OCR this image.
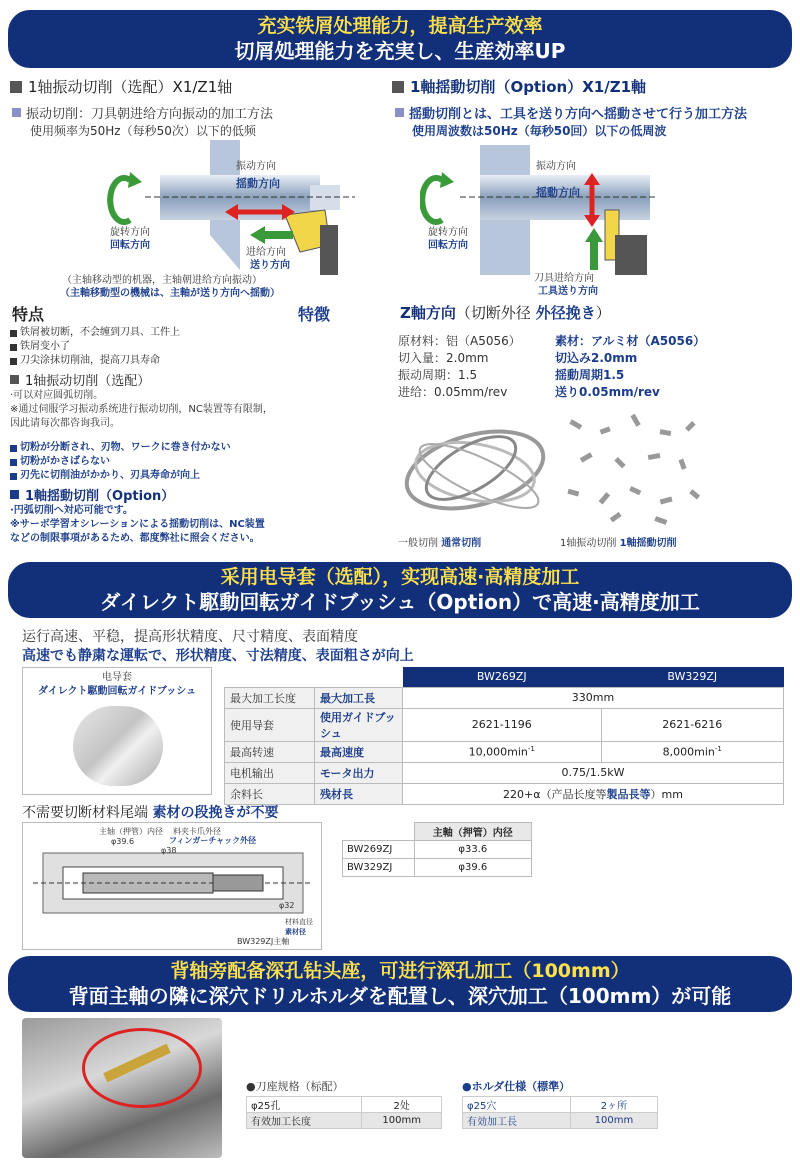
充实铁屑处理能力，提高生产效率
切屑処理能力を充実し、生産効率UP
1轴振动切削（选配）X1/Z1轴
振动切削：刀具朝进给方向振动的加工方法
使用频率为50Hz（每秒50次）以下的低频
1軸揺動切削（Option）X1/Z1軸
揺動切削とは、工具を送り方向へ揺動させて行う加工方法
使用周波数は50Hz（毎秒50回）以下の低周波
振动方向
揺動方向
旋转方向
回転方向
进给方向
送り方向
（主轴移动型的机器，主轴朝进给方向振动）
（主軸移動型の機械は、主軸が送り方向へ揺動）
振动方向
揺動方向
旋转方向
回転方向
刀具进给方向
工具送り方向
特点	特徴
铁屑被切断，不会缠到刀具、工件上
铁屑变小了
刀尖涂抹切削油，提高刀具寿命
1轴振动切削（选配）
·可以对应圆弧切削。
※通过伺服学习振动系统进行振动切削，NC装置等有限制，
因此请每次都咨询我司。
切粉が分断され、刃物、ワークに巻き付かない
切粉がかさばらない
刃先に切削油がかかり、刃具寿命が向上
1軸揺動切削（Option）
·円弧切削へ対応可能です。
※サーボ学習オシレーションによる揺動切削は、NC装置
などの制限事項があるため、都度弊社に照会ください。
Z軸方向（切断外径 外径挽き）
原材料：铝（A5056）
切入量：2.0mm
振动周期：1.5
进给：0.05mm/rev
素材：アルミ材（A5056）
切込み2.0mm
揺動周期1.5
送り0.05mm/rev
一般切削 通常切削	1轴振动切削 1軸揺動切削
采用电导套（选配），实现高速·高精度加工
ダイレクト駆動回転ガイドブッシュ（Option）で高速·高精度加工
运行高速、平稳，提高形状精度、尺寸精度、表面精度
高速でも静粛な運転で、形状精度、寸法精度、表面粗さが向上
电导套
ダイレクト駆動回転ガイドブッシュ
		BW269ZJ	BW329ZJ
最大加工长度	最大加工長	330mm	
使用导套	使用ガイドブッシュ	2621-1196	2621-6216
最高转速	最高速度	$10,000\min^{-1}$	$8,000\min^{-1}$
电机输出	モータ出力	0.75/1.5kW	
余料长	残材長	220+α（产品长度等製品長等）mm	
不需要切断材料尾端 素材の段挽きが不要
主轴（押管）内径
φ39.6
料夹卡爪外径
フィンガーチャック外径
φ38
φ32
材料直径
素材径
BW329ZJ主軸
	主軸（押管）内径
BW269ZJ	φ33.6
BW329ZJ	φ39.6
背轴旁配备深孔钻头座，可进行深孔加工（100mm）
背面主軸の隣に深穴ドリルホルダを配置し、深穴加工（100mm）が可能
●刀座规格（标配）
φ25孔	2处
有效加工长度	100mm
●ホルダ仕様（標準）
φ25穴	2ヶ所
有効加工長	100mm
